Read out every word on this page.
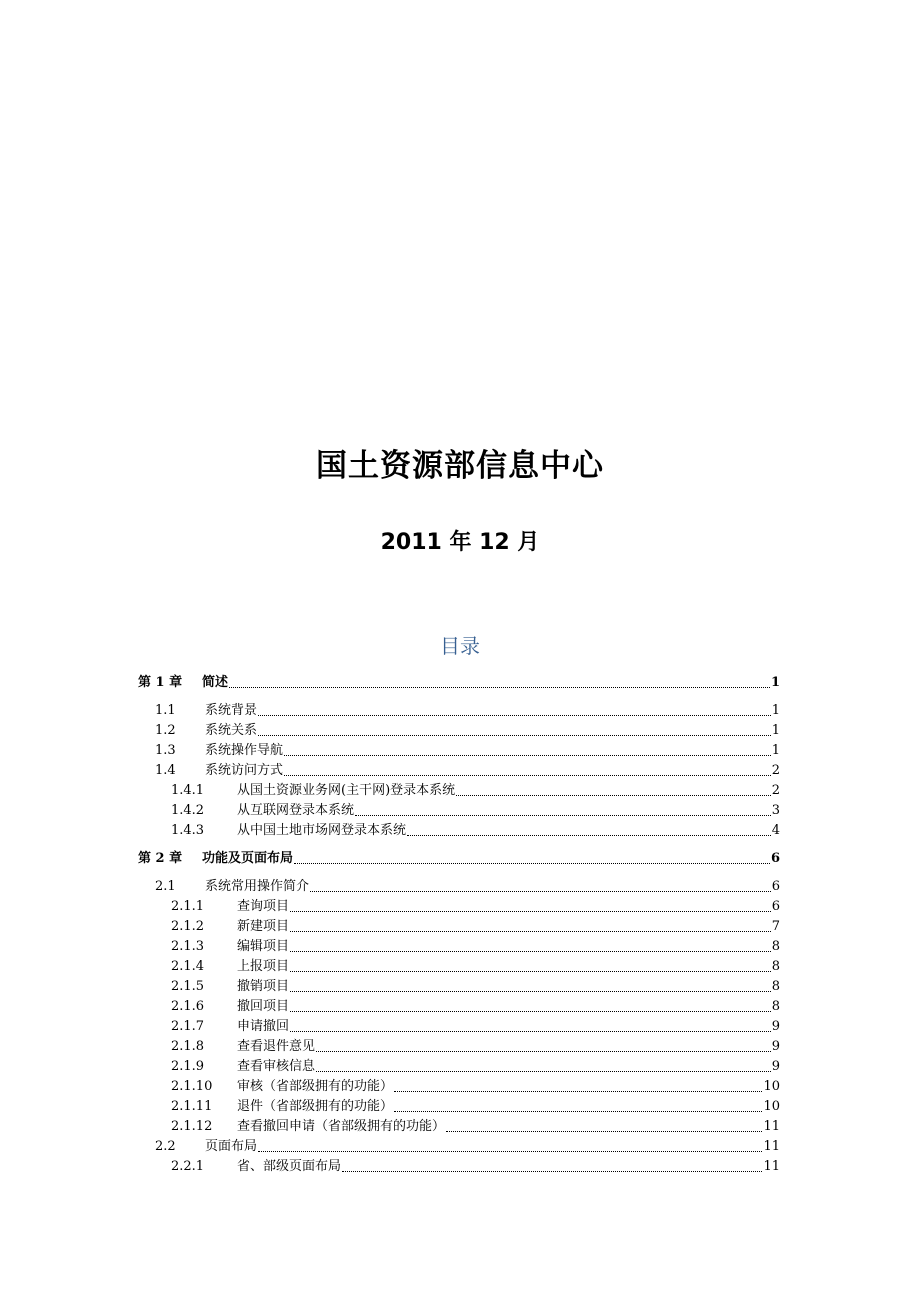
国土资源部信息中心
2011 年 12 月
目录
第 1 章	简述	1
1.1	系统背景	1
1.2	系统关系	1
1.3	系统操作导航	1
1.4	系统访问方式	2
1.4.1	从国土资源业务网(主干网)登录本系统	2
1.4.2	从互联网登录本系统	3
1.4.3	从中国土地市场网登录本系统	4
第 2 章	功能及页面布局	6
2.1	系统常用操作简介	6
2.1.1	查询项目	6
2.1.2	新建项目	7
2.1.3	编辑项目	8
2.1.4	上报项目	8
2.1.5	撤销项目	8
2.1.6	撤回项目	8
2.1.7	申请撤回	9
2.1.8	查看退件意见	9
2.1.9	查看审核信息	9
2.1.10	审核（省部级拥有的功能）	10
2.1.11	退件（省部级拥有的功能）	10
2.1.12	查看撤回申请（省部级拥有的功能）	11
2.2	页面布局	11
2.2.1	省、部级页面布局	11
